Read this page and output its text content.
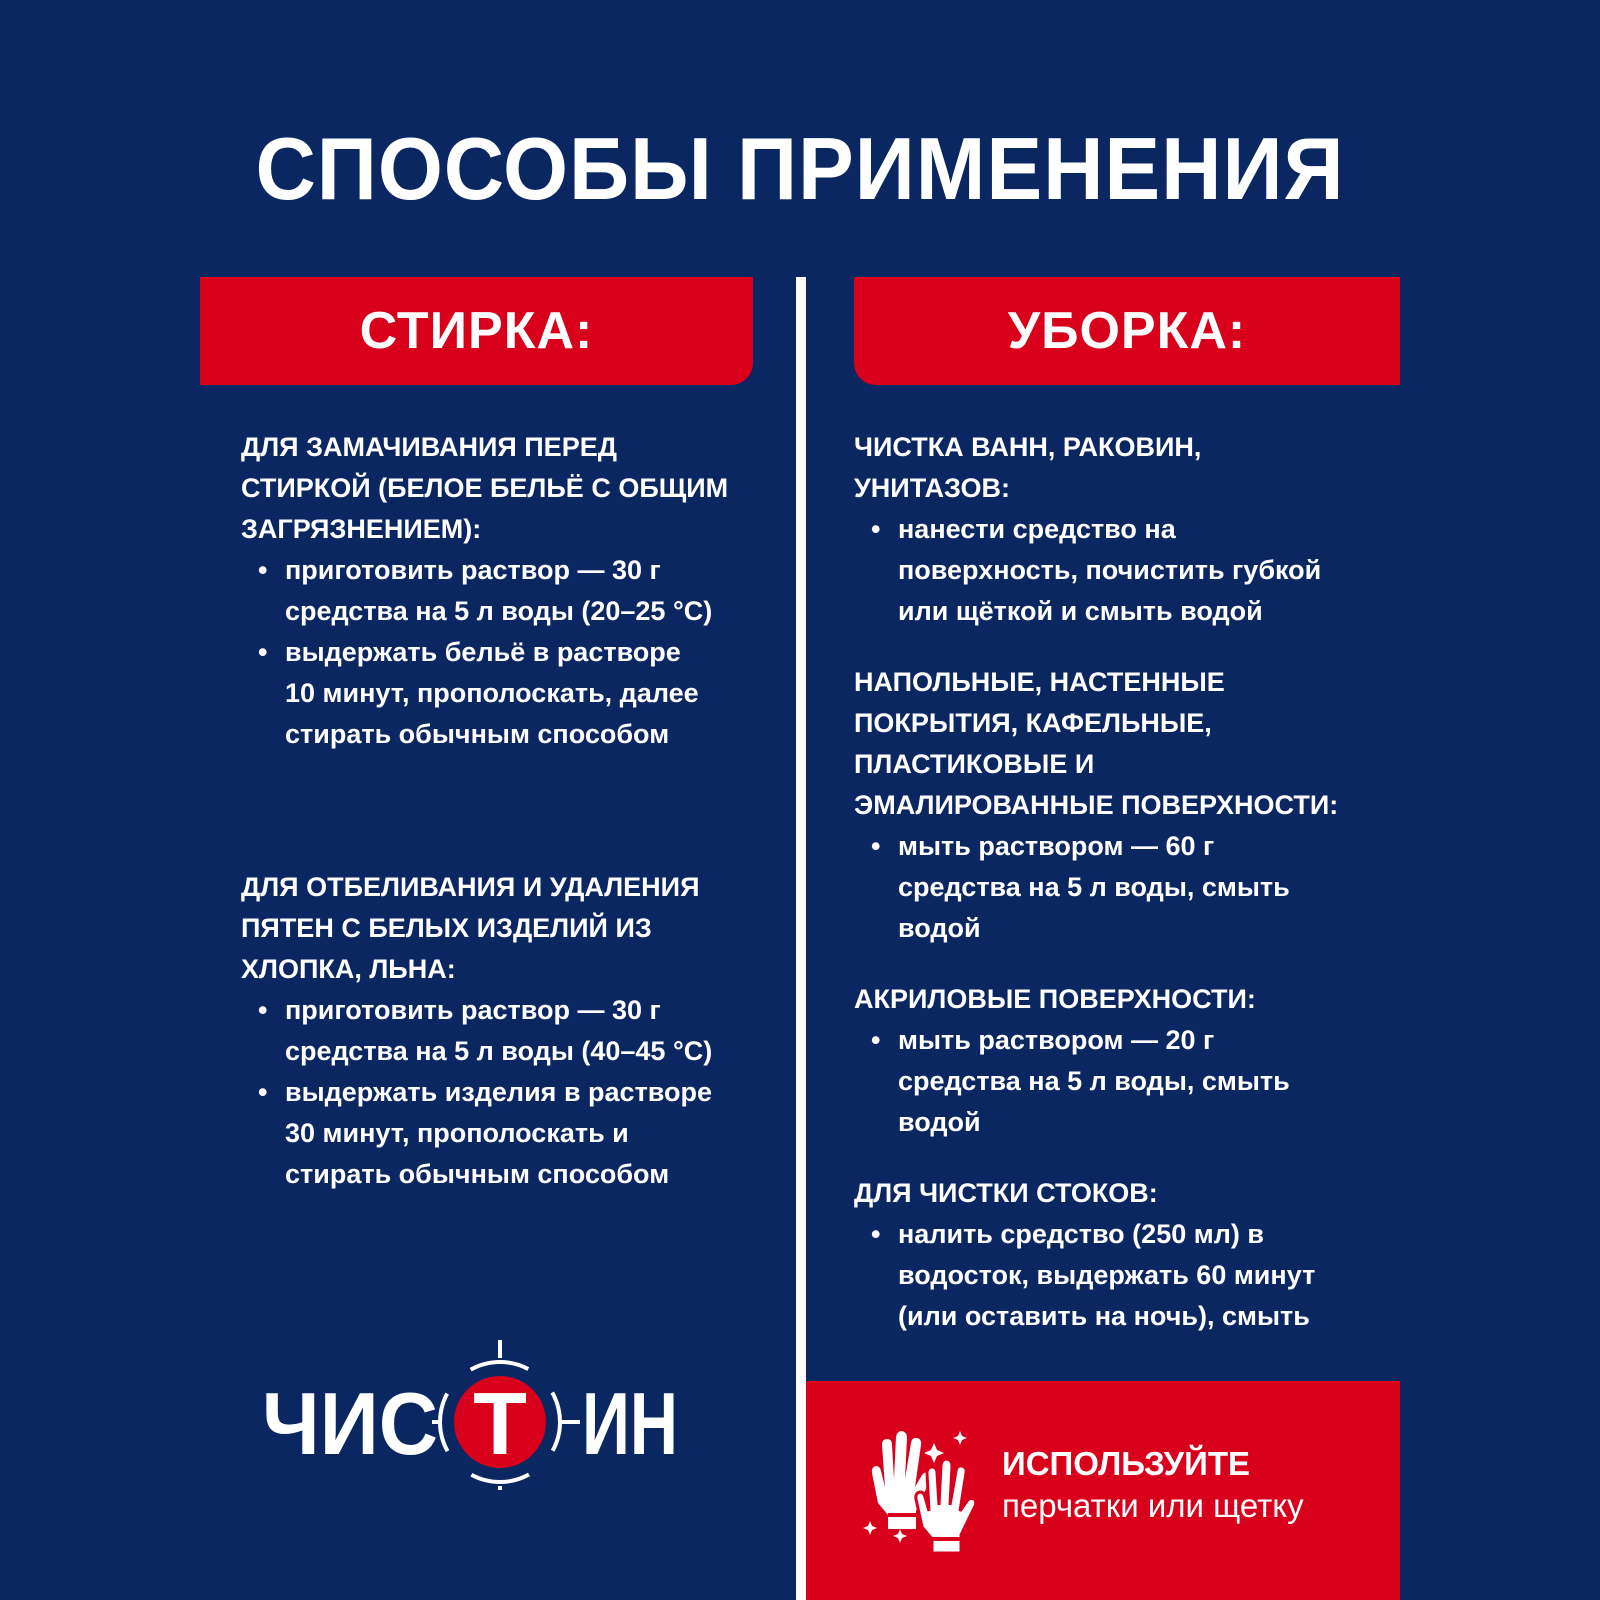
СПОСОБЫ ПРИМЕНЕНИЯ
СТИРКА:	УБОРКА:
ДЛЯ ЗАМАЧИВАНИЯ ПЕРЕД
СТИРКОЙ (БЕЛОЕ БЕЛЬЁ С ОБЩИМ
ЗАГРЯЗНЕНИЕМ):
• приготовить раствор — 30 г
средства на 5 л воды (20–25 °С)
• выдержать бельё в растворе
10 минут, прополоскать, далее
стирать обычным способом
ДЛЯ ОТБЕЛИВАНИЯ И УДАЛЕНИЯ
ПЯТЕН С БЕЛЫХ ИЗДЕЛИЙ ИЗ
ХЛОПКА, ЛЬНА:
• приготовить раствор — 30 г
средства на 5 л воды (40–45 °С)
• выдержать изделия в растворе
30 минут, прополоскать и
стирать обычным способом
ЧИСТКА ВАНН, РАКОВИН,
УНИТАЗОВ:
• нанести средство на
поверхность, почистить губкой
или щёткой и смыть водой
НАПОЛЬНЫЕ, НАСТЕННЫЕ
ПОКРЫТИЯ, КАФЕЛЬНЫЕ,
ПЛАСТИКОВЫЕ И
ЭМАЛИРОВАННЫЕ ПОВЕРХНОСТИ:
• мыть раствором — 60 г
средства на 5 л воды, смыть
водой
АКРИЛОВЫЕ ПОВЕРХНОСТИ:
• мыть раствором — 20 г
средства на 5 л воды, смыть
водой
ДЛЯ ЧИСТКИ СТОКОВ:
• налить средство (250 мл) в
водосток, выдержать 60 минут
(или оставить на ночь), смыть
ИСПОЛЬЗУЙТЕ
перчатки или щетку
ЧИС ИН
Т
